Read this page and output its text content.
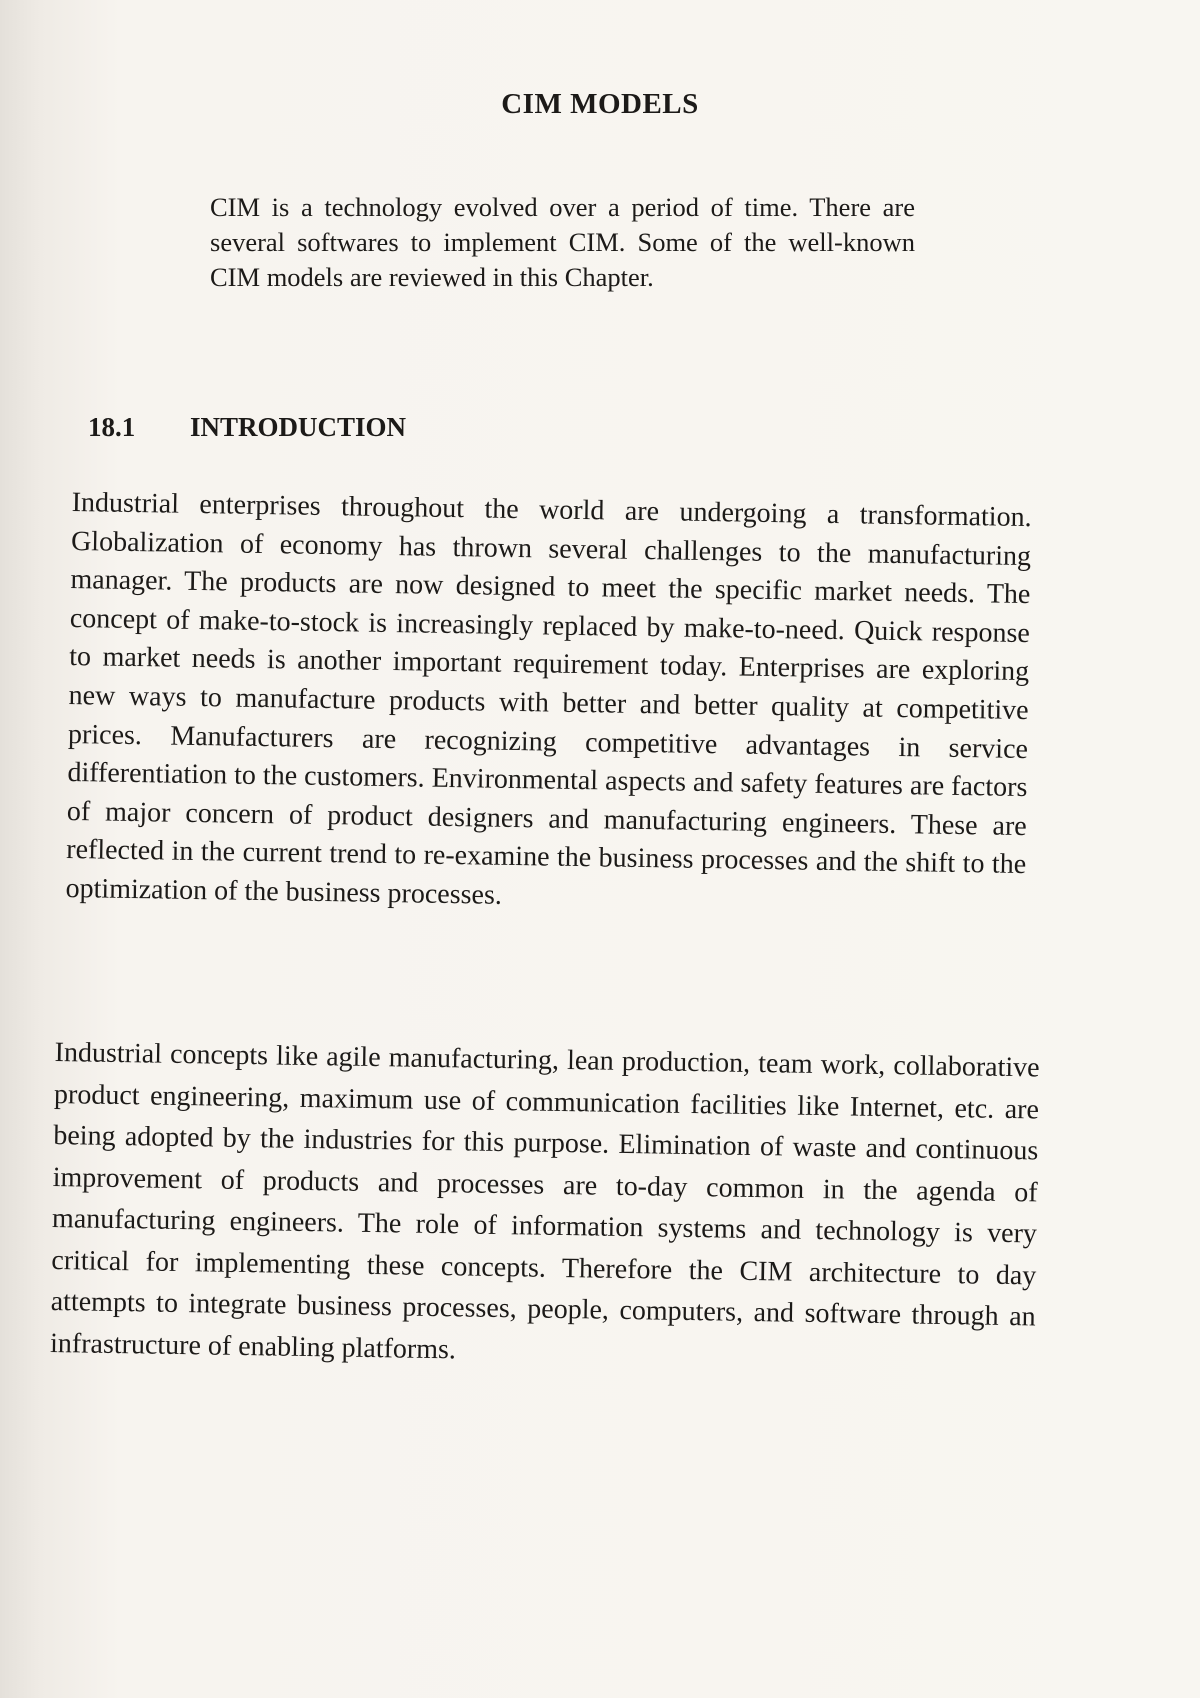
CIM MODELS
CIM is a technology evolved over a period of time. There are several softwares to implement CIM. Some of the well-known CIM models are reviewed in this Chapter.
18.1 INTRODUCTION
Industrial enterprises throughout the world are undergoing a transformation. Globalization of economy has thrown several challenges to the manufacturing manager. The products are now designed to meet the specific market needs. The concept of make-to-stock is increasingly replaced by make-to-need. Quick response to market needs is another important requirement today. Enterprises are exploring new ways to manufacture products with better and better quality at competitive prices. Manufacturers are recognizing competitive advantages in service differentiation to the customers. Environmental aspects and safety features are factors of major concern of product designers and manufacturing engineers. These are reflected in the current trend to re-examine the business processes and the shift to the optimization of the business processes.
Industrial concepts like agile manufacturing, lean production, team work, collaborative product engineering, maximum use of communication facilities like Internet, etc. are being adopted by the industries for this purpose. Elimination of waste and continuous improvement of products and processes are to-day common in the agenda of manufacturing engineers. The role of information systems and technology is very critical for implementing these concepts. Therefore the CIM architecture to day attempts to integrate business processes, people, computers, and software through an infrastructure of enabling platforms.
